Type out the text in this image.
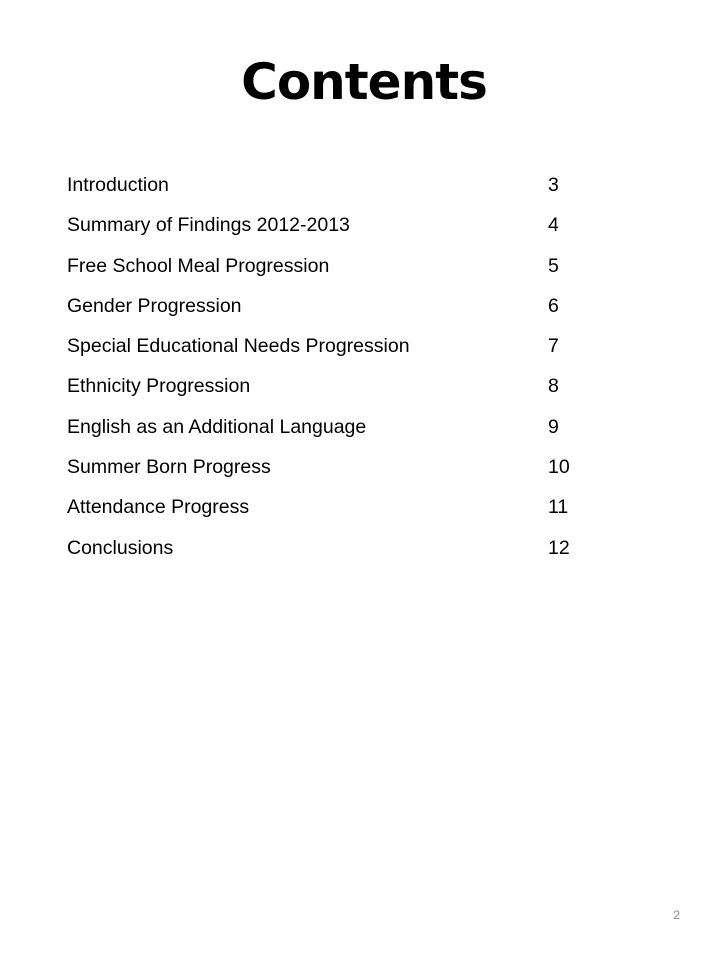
Contents
Introduction	3
Summary of Findings 2012-2013	4
Free School Meal Progression	5
Gender Progression	6
Special Educational Needs Progression	7
Ethnicity Progression	8
English as an Additional Language	9
Summer Born Progress	10
Attendance Progress	11
Conclusions	12
2
